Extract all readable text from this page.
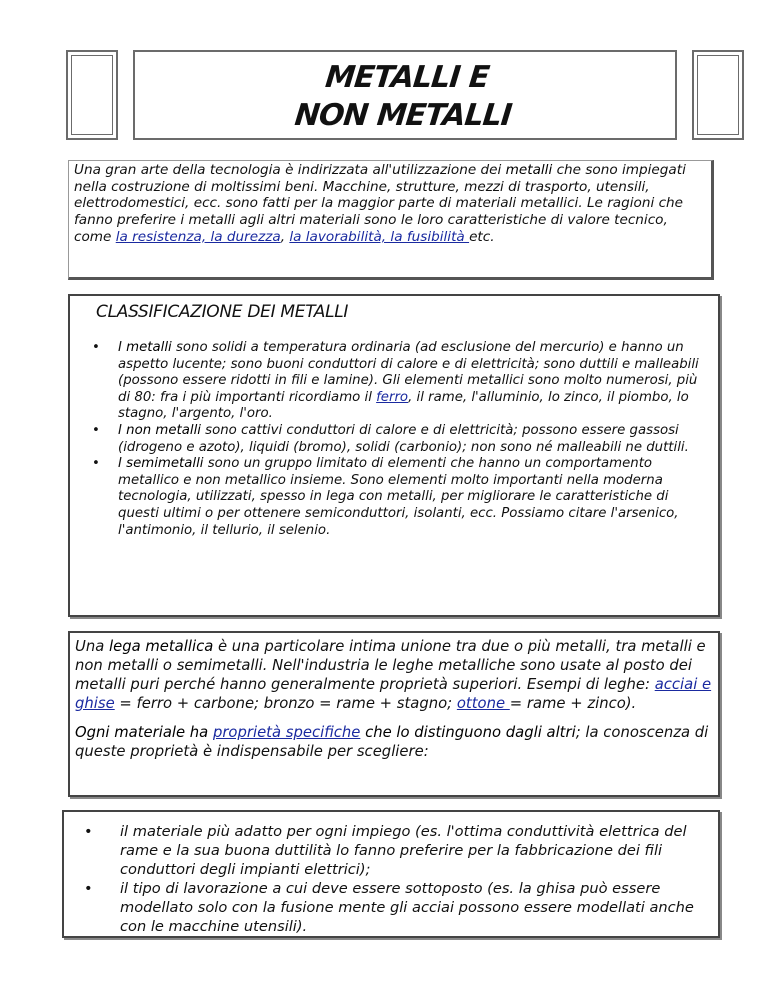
METALLI E
NON METALLI
Una gran arte della tecnologia è indirizzata all'utilizzazione dei metalli che sono impiegati nella costruzione di moltissimi beni. Macchine, strutture, mezzi di trasporto, utensili, elettrodomestici, ecc. sono fatti per la maggior parte di materiali metallici. Le ragioni che fanno preferire i metalli agli altri materiali sono le loro caratteristiche di valore tecnico, come la resistenza, la durezza, la lavorabilità, la fusibilità etc.
CLASSIFICAZIONE DEI METALLI
• I metalli sono solidi a temperatura ordinaria (ad esclusione del mercurio) e hanno un aspetto lucente; sono buoni conduttori di calore e di elettricità; sono duttili e malleabili (possono essere ridotti in fili e lamine). Gli elementi metallici sono molto numerosi, più di 80: fra i più importanti ricordiamo il ferro, il rame, l'alluminio, lo zinco, il piombo, lo stagno, l'argento, l'oro.
• I non metalli sono cattivi conduttori di calore e di elettricità; possono essere gassosi (idrogeno e azoto), liquidi (bromo), solidi (carbonio); non sono né malleabili ne duttili.
• I semimetalli sono un gruppo limitato di elementi che hanno un comportamento metallico e non metallico insieme. Sono elementi molto importanti nella moderna tecnologia, utilizzati, spesso in lega con metalli, per migliorare le caratteristiche di questi ultimi o per ottenere semiconduttori, isolanti, ecc. Possiamo citare l'arsenico, l'antimonio, il tellurio, il selenio.

Una lega metallica è una particolare intima unione tra due o più metalli, tra metalli e non metalli o semimetalli. Nell'industria le leghe metalliche sono usate al posto dei metalli puri perché hanno generalmente proprietà superiori. Esempi di leghe: acciai e ghise = ferro + carbone; bronzo = rame + stagno; ottone = rame + zinco).

Ogni materiale ha proprietà specifiche che lo distinguono dagli altri; la conoscenza di queste proprietà è indispensabile per scegliere:

• il materiale più adatto per ogni impiego (es. l'ottima conduttività elettrica del rame e la sua buona duttilità lo fanno preferire per la fabbricazione dei fili conduttori degli impianti elettrici);
• il tipo di lavorazione a cui deve essere sottoposto (es. la ghisa può essere modellato solo con la fusione mente gli acciai possono essere modellati anche con le macchine utensili).
